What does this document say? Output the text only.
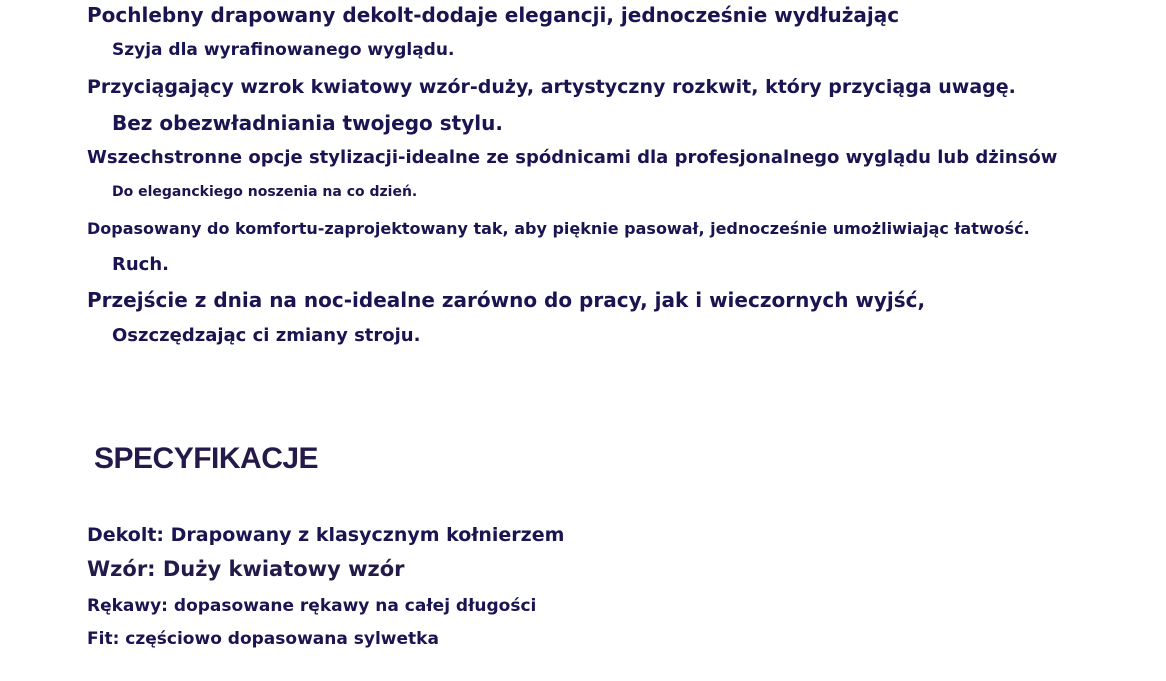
Pochlebny drapowany dekolt-dodaje elegancji, jednocześnie wydłużając
Szyja dla wyrafinowanego wyglądu.
Przyciągający wzrok kwiatowy wzór-duży, artystyczny rozkwit, który przyciąga uwagę.
Bez obezwładniania twojego stylu.
Wszechstronne opcje stylizacji-idealne ze spódnicami dla profesjonalnego wyglądu lub dżinsów
Do eleganckiego noszenia na co dzień.
Dopasowany do komfortu-zaprojektowany tak, aby pięknie pasował, jednocześnie umożliwiając łatwość.
Ruch.
Przejście z dnia na noc-idealne zarówno do pracy, jak i wieczornych wyjść,
Oszczędzając ci zmiany stroju.
SPECYFIKACJE
Dekolt: Drapowany z klasycznym kołnierzem
Wzór: Duży kwiatowy wzór
Rękawy: dopasowane rękawy na całej długości
Fit: częściowo dopasowana sylwetka
